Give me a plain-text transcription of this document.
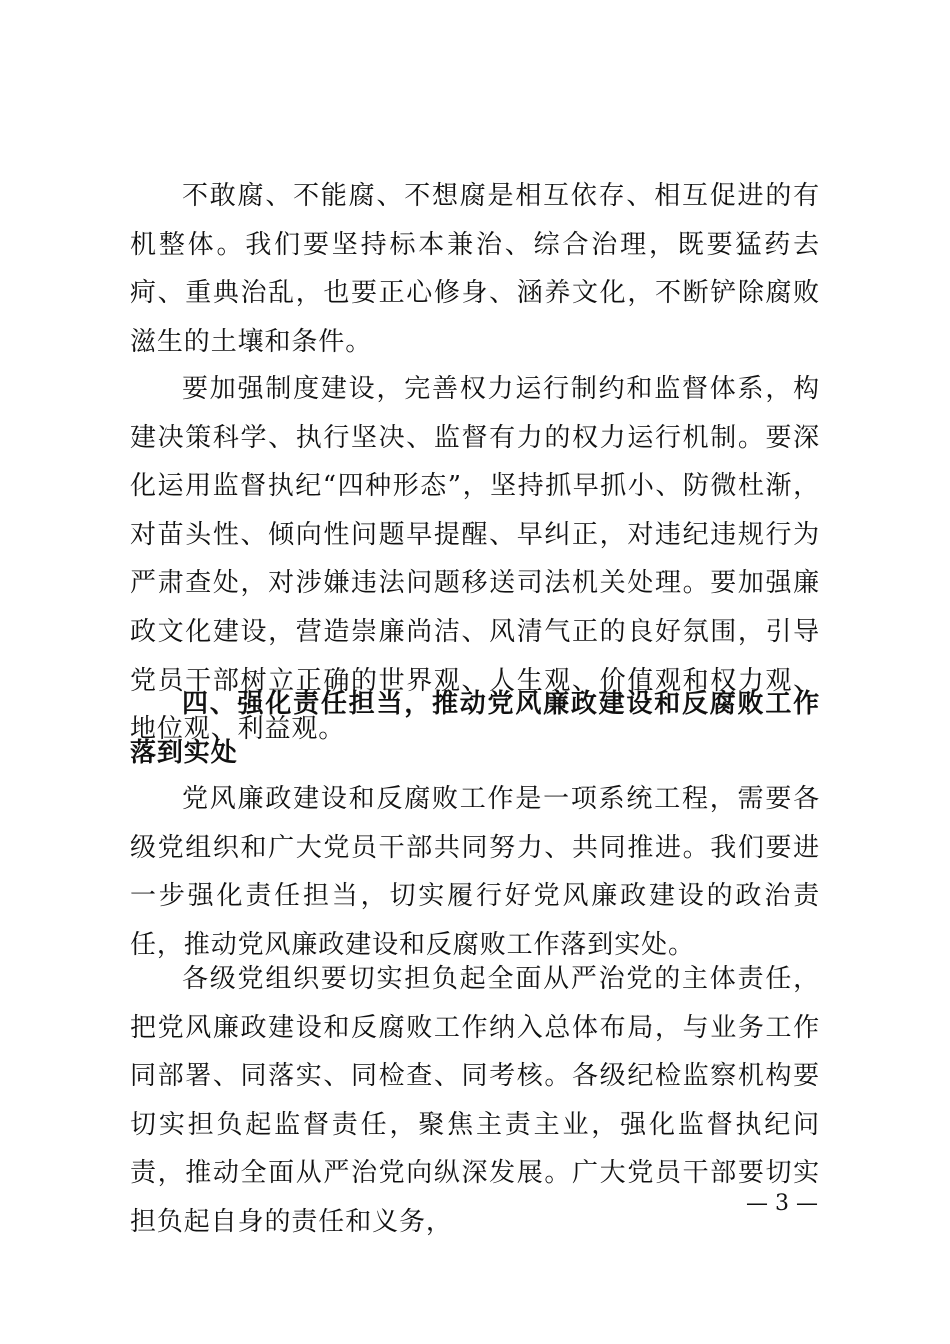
不敢腐、不能腐、不想腐是相互依存、相互促进的有机整体。我们要坚持标本兼治、综合治理，既要猛药去疴、重典治乱，也要正心修身、涵养文化，不断铲除腐败滋生的土壤和条件。

要加强制度建设，完善权力运行制约和监督体系，构建决策科学、执行坚决、监督有力的权力运行机制。要深化运用监督执纪“四种形态”，坚持抓早抓小、防微杜渐，对苗头性、倾向性问题早提醒、早纠正，对违纪违规行为严肃查处，对涉嫌违法问题移送司法机关处理。要加强廉政文化建设，营造崇廉尚洁、风清气正的良好氛围，引导党员干部树立正确的世界观、人生观、价值观和权力观、地位观、利益观。

四、强化责任担当，推动党风廉政建设和反腐败工作落到实处

党风廉政建设和反腐败工作是一项系统工程，需要各级党组织和广大党员干部共同努力、共同推进。我们要进一步强化责任担当，切实履行好党风廉政建设的政治责任，推动党风廉政建设和反腐败工作落到实处。

各级党组织要切实担负起全面从严治党的主体责任，把党风廉政建设和反腐败工作纳入总体布局，与业务工作同部署、同落实、同检查、同考核。各级纪检监察机构要切实担负起监督责任，聚焦主责主业，强化监督执纪问责，推动全面从严治党向纵深发展。广大党员干部要切实担负起自身的责任和义务，

— 3 —
